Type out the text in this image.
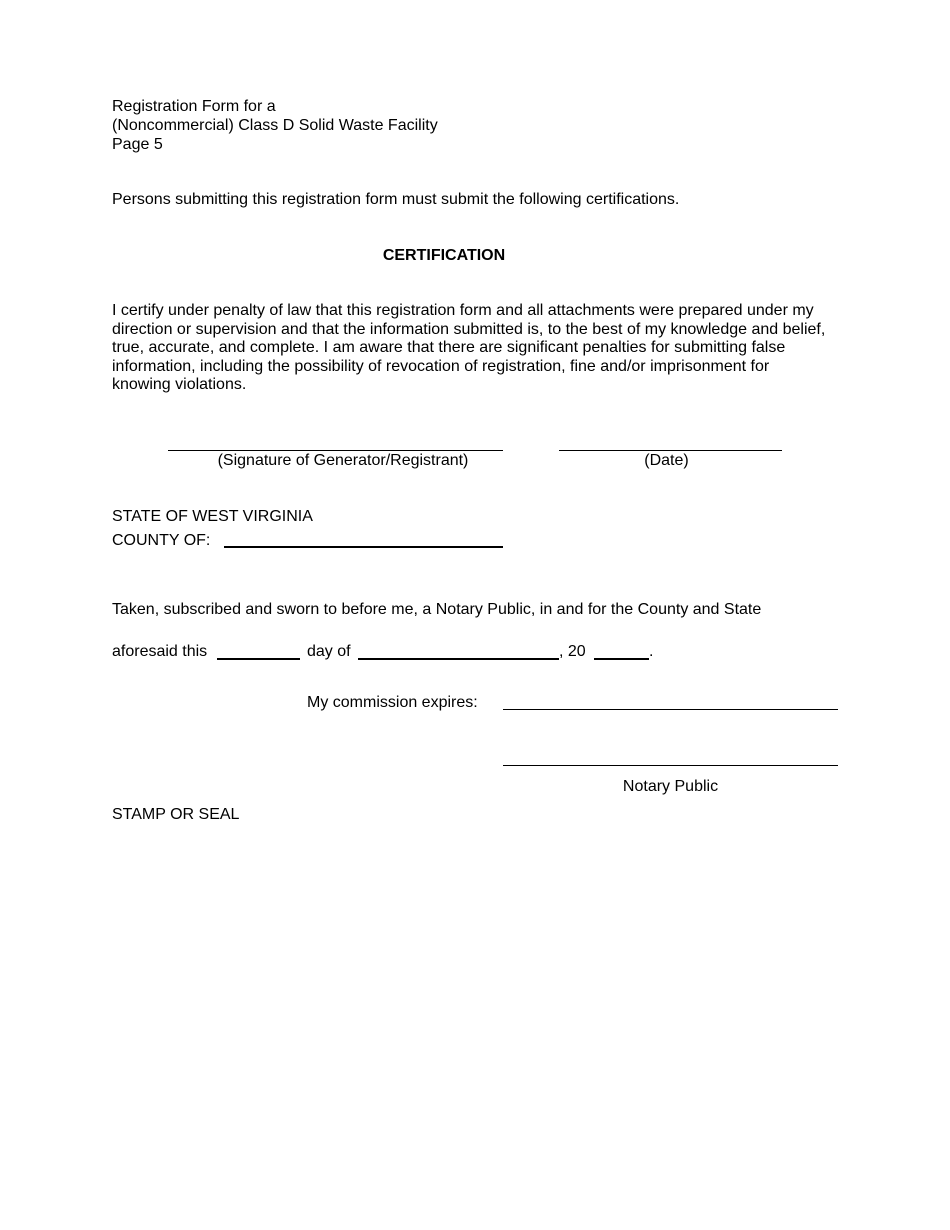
Registration Form for a
(Noncommercial) Class D Solid Waste Facility
Page 5
Persons submitting this registration form must submit the following certifications.
CERTIFICATION
I certify under penalty of law that this registration form and all attachments were prepared under my direction or supervision and that the information submitted is, to the best of my knowledge and belief, true, accurate, and complete. I am aware that there are significant penalties for submitting false information, including the possibility of revocation of registration, fine and/or imprisonment for knowing violations.
(Signature of Generator/Registrant)	(Date)
STATE OF WEST VIRGINIA
COUNTY OF:
Taken, subscribed and sworn to before me, a Notary Public, in and for the County and State
aforesaid this	day of	, 20	.
My commission expires:
Notary Public
STAMP OR SEAL
